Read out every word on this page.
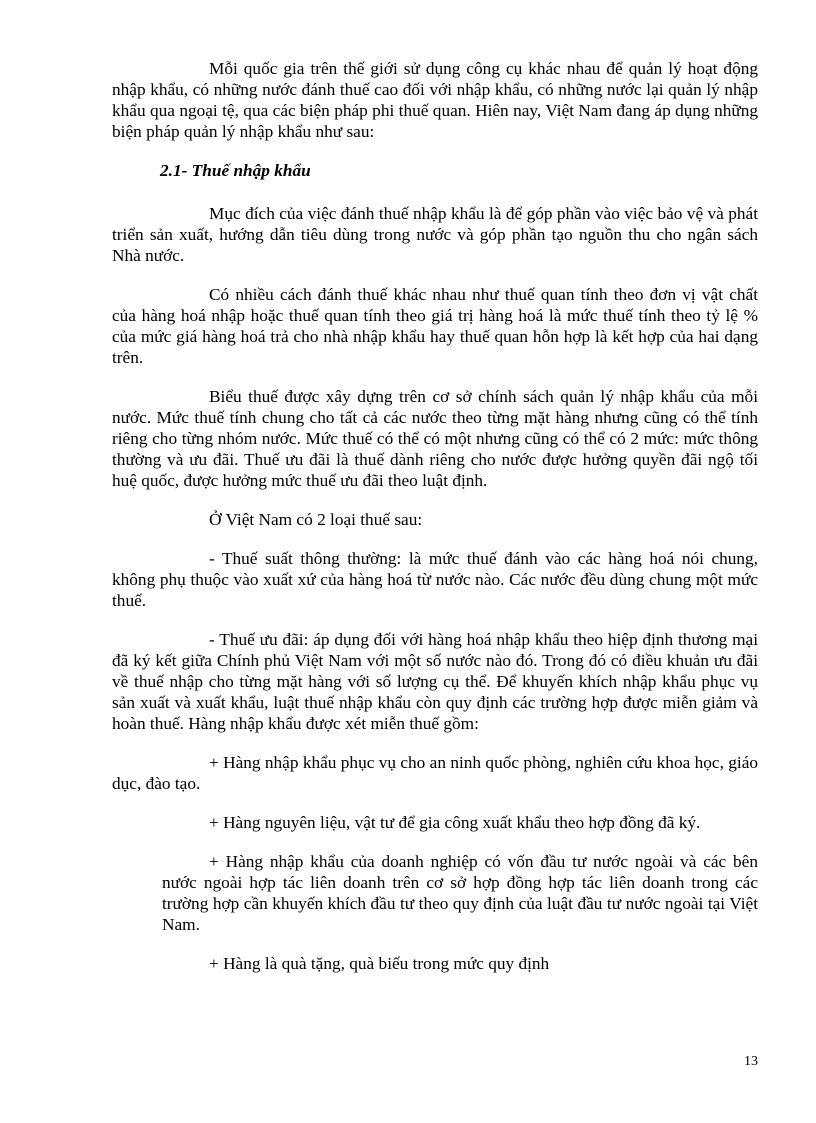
Mỗi quốc gia trên thế giới sử dụng công cụ khác nhau để quản lý hoạt động nhập khẩu, có những nước đánh thuế cao đối với nhập khẩu, có những nước lại quản lý nhập khẩu qua ngoại tệ, qua các biện pháp phi thuế quan. Hiên nay, Việt Nam đang áp dụng những biện pháp quản lý nhập khẩu như sau:

2.1- Thuế nhập khẩu

Mục đích của việc đánh thuế nhập khẩu là để góp phần vào việc bảo vệ và phát triển sản xuất, hướng dẫn tiêu dùng trong nước và góp phần tạo nguồn thu cho ngân sách Nhà nước.

Có nhiều cách đánh thuế khác nhau như thuế quan tính theo đơn vị vật chất của hàng hoá nhập hoặc thuế quan tính theo giá trị hàng hoá là mức thuế tính theo tỷ lệ % của mức giá hàng hoá trả cho nhà nhập khẩu hay thuế quan hỗn hợp là kết hợp của hai dạng trên.

Biểu thuế được xây dựng trên cơ sở chính sách quản lý nhập khẩu của mỗi nước. Mức thuế tính chung cho tất cả các nước theo từng mặt hàng nhưng cũng có thể tính riêng cho từng nhóm nước. Mức thuế có thể có một nhưng cũng có thể có 2 mức: mức thông thường và ưu đãi. Thuế ưu đãi là thuế dành riêng cho nước được hưởng quyền đãi ngộ tối huệ quốc, được hưởng mức thuế ưu đãi theo luật định.

Ở Việt Nam có 2 loại thuế sau:

- Thuế suất thông thường: là mức thuế đánh vào các hàng hoá nói chung, không phụ thuộc vào xuất xứ của hàng hoá từ nước nào. Các nước đều dùng chung một mức thuế.

- Thuế ưu đãi: áp dụng đối với hàng hoá nhập khẩu theo hiệp định thương mại đã ký kết giữa Chính phủ Việt Nam với một số nước nào đó. Trong đó có điều khuản ưu đãi về thuế nhập cho từng mặt hàng với số lượng cụ thể. Để khuyến khích nhập khẩu phục vụ sản xuất và xuất khẩu, luật thuế nhập khẩu còn quy định các trường hợp được miễn giảm và hoàn thuế. Hàng nhập khẩu được xét miễn thuế gồm:

+ Hàng nhập khẩu phục vụ cho an ninh quốc phòng, nghiên cứu khoa học, giáo dục, đào tạo.

+ Hàng nguyên liệu, vật tư để gia công xuất khẩu theo hợp đồng đã ký.

+ Hàng nhập khẩu của doanh nghiệp có vốn đầu tư nước ngoài và các bên nước ngoài hợp tác liên doanh trên cơ sở hợp đồng hợp tác liên doanh trong các trường hợp cần khuyến khích đầu tư theo quy định của luật đầu tư nước ngoài tại Việt Nam.

+ Hàng là quà tặng, quà biếu trong mức quy định

13
